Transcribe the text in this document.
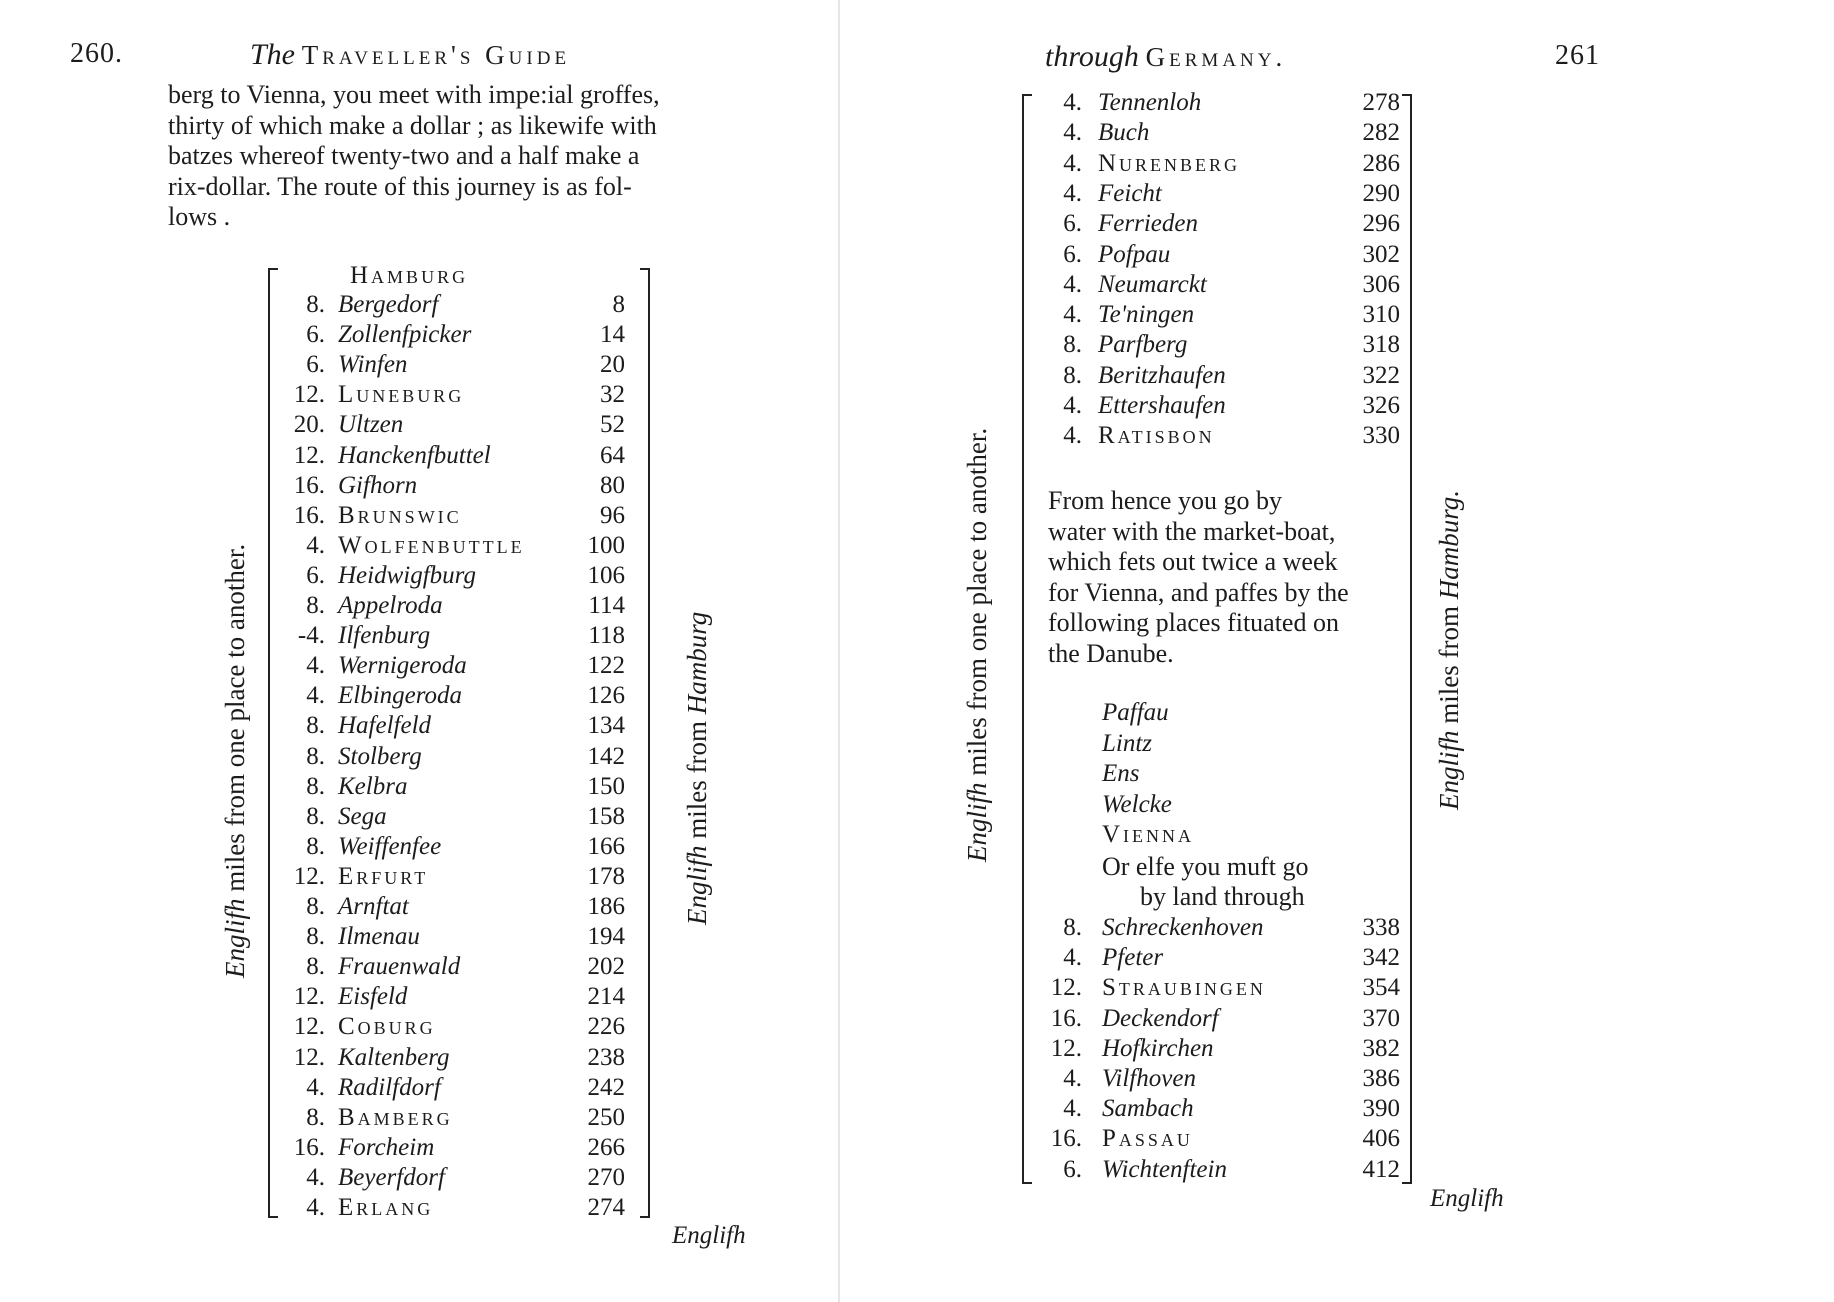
260.	The Traveller's Guide
berg to Vienna, you meet with impe:ial groffes,
thirty of which make a dollar ; as likewife with
batzes whereof twenty-two and a half make a
rix-dollar. The route of this journey is as fol-
lows .
Hamburg
8. Bergedorf	8
6. Zollenfpicker	14
6. Winfen	20
12. Luneburg	32
20. Ultzen	52
12. Hanckenfbuttel	64
16. Gifhorn	80
16. Brunswic	96
4. Wolfenbuttle	100
6. Heidwigfburg	106
8. Appelroda	114
-4. Ilfenburg	118
4. Wernigeroda	122
4. Elbingeroda	126
8. Hafelfeld	134
8. Stolberg	142
8. Kelbra	150
8. Sega	158
8. Weiffenfee	166
12. Erfurt	178
8. Arnftat	186
8. Ilmenau	194
8. Frauenwald	202
12. Eisfeld	214
12. Coburg	226
12. Kaltenberg	238
4. Radilfdorf	242
8. Bamberg	250
16. Forcheim	266
4. Beyerfdorf	270
4. Erlang	274
Englifh miles from one place to another.	Englifh miles from Hamburg
Englifh
through Germany.	261
4. Tennenloh	278
4. Buch	282
4. Nurenberg	286
4. Feicht	290
6. Ferrieden	296
6. Pofpau	302
4. Neumarckt	306
4. Te'ningen	310
8. Parfberg	318
8. Beritzhaufen	322
4. Ettershaufen	326
4. Ratisbon	330
From hence you go by
water with the market-boat,
which fets out twice a week
for Vienna, and paffes by the
following places fituated on
the Danube.
Paffau
Lintz
Ens
Welcke
Vienna
Or elfe you muft go
by land through
8. Schreckenhoven	338
4. Pfeter	342
12. Straubingen	354
16. Deckendorf	370
12. Hofkirchen	382
4. Vilfhoven	386
4. Sambach	390
16. Passau	406
6. Wichtenftein	412
Englifh miles from one place to another.	Englifh miles from Hamburg.
Englifh
